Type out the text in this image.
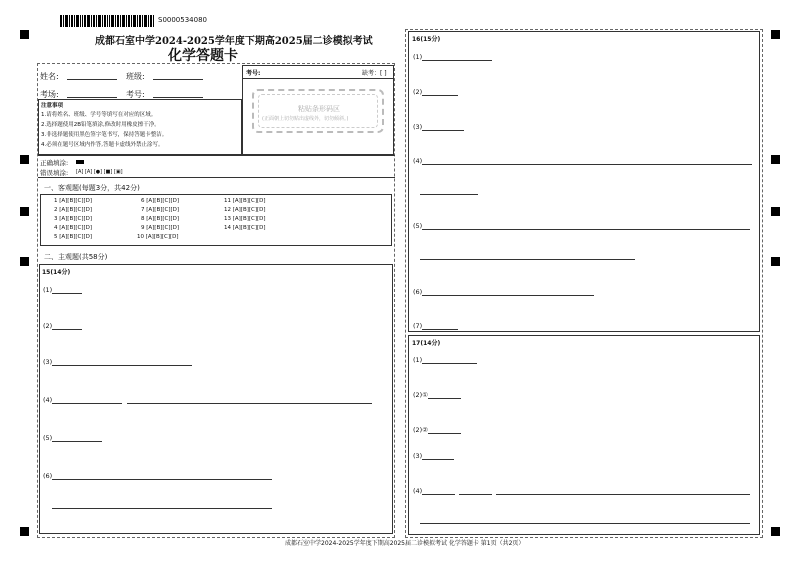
S0000534080
成都石室中学2024-2025学年度下期高2025届二诊模拟考试
化学答题卡
姓名:	班级:
考场:	考号:
考号:	缺考：[ ]
粘贴条形码区
(正面朝上切勿贴出虚线外，切勿倾斜。)
注意事项
1.请将姓名、班级、学号等填写在对应的区域。
2.选择题使用2B铅笔填涂,修改时用橡皮擦干净。
3.非选择题使用黑色签字笔书写，保持答题卡整洁。
4.必须在题号区域内作答,答题卡虚线外禁止涂写。
正确填涂:
错误填涂: [A] [A] [●] [■] [▣]
一、客观题(每题3分，共42分)
1 [A][B][C][D]
2 [A][B][C][D]
3 [A][B][C][D]
4 [A][B][C][D]
5 [A][B][C][D]
6 [A][B][C][D]
7 [A][B][C][D]
8 [A][B][C][D]
9 [A][B][C][D]
10 [A][B][C][D]
11 [A][B][C][D]
12 [A][B][C][D]
13 [A][B][C][D]
14 [A][B][C][D]
二、主观题(共58分)
15(14分)
(1)
(2)
(3)
(4)
(5)
(6)
16(15分)
(1)
(2)
(3)
(4)
(5)
(6)
(7)
17(14分)
(1)
(2)①
(2)②
(3)
(4)
成都石室中学2024-2025学年度下期高2025届二诊模拟考试 化学答题卡 第1页（共2页）
